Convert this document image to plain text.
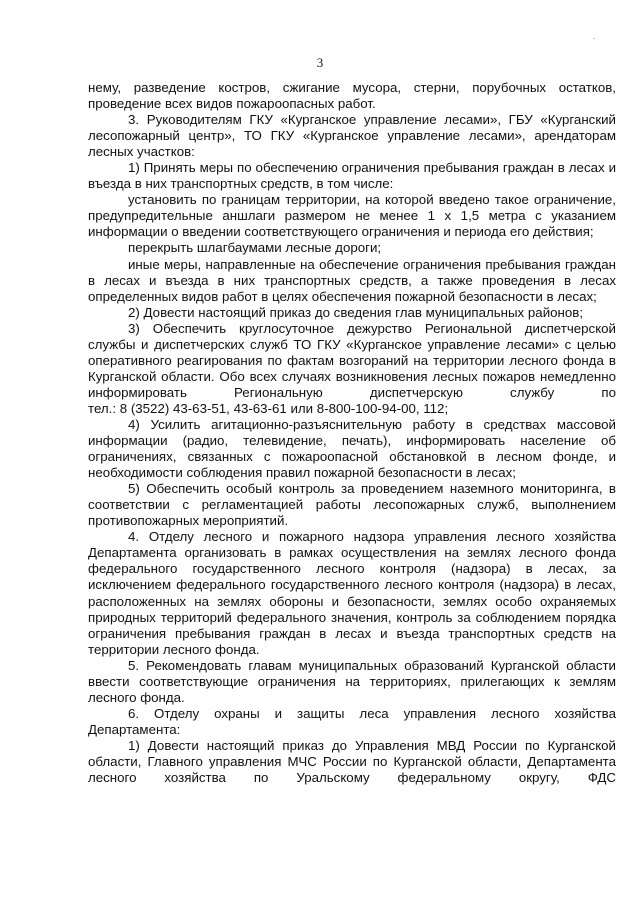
.
3

нему, разведение костров, сжигание мусора, стерни, порубочных остатков, проведение всех видов пожароопасных работ.

3. Руководителям ГКУ «Курганское управление лесами», ГБУ «Курганский лесопожарный центр», ТО ГКУ «Курганское управление лесами», арендаторам лесных участков:

1) Принять меры по обеспечению ограничения пребывания граждан в лесах и въезда в них транспортных средств, в том числе:

установить по границам территории, на которой введено такое ограничение, предупредительные аншлаги размером не менее 1 х 1,5 метра с указанием информации о введении соответствующего ограничения и периода его действия;

перекрыть шлагбаумами лесные дороги;

иные меры, направленные на обеспечение ограничения пребывания граждан в лесах и въезда в них транспортных средств, а также проведения в лесах определенных видов работ в целях обеспечения пожарной безопасности в лесах;

2) Довести настоящий приказ до сведения глав муниципальных районов;

3) Обеспечить круглосуточное дежурство Региональной диспетчерской службы и диспетчерских служб ТО ГКУ «Курганское управление лесами» с целью оперативного реагирования по фактам возгораний на территории лесного фонда в Курганской области. Обо всех случаях возникновения лесных пожаров немедленно информировать Региональную диспетчерскую службу по

тел.: 8 (3522) 43-63-51, 43-63-61 или 8-800-100-94-00, 112;

4) Усилить агитационно-разъяснительную работу в средствах массовой информации (радио, телевидение, печать), информировать население об ограничениях, связанных с пожароопасной обстановкой в лесном фонде, и необходимости соблюдения правил пожарной безопасности в лесах;

5) Обеспечить особый контроль за проведением наземного мониторинга, в соответствии с регламентацией работы лесопожарных служб, выполнением противопожарных мероприятий.

4. Отделу лесного и пожарного надзора управления лесного хозяйства Департамента организовать в рамках осуществления на землях лесного фонда федерального государственного лесного контроля (надзора) в лесах, за исключением федерального государственного лесного контроля (надзора) в лесах, расположенных на землях обороны и безопасности, землях особо охраняемых природных территорий федерального значения, контроль за соблюдением порядка ограничения пребывания граждан в лесах и въезда транспортных средств на территории лесного фонда.

5. Рекомендовать главам муниципальных образований Курганской области ввести соответствующие ограничения на территориях, прилегающих к землям лесного фонда.

6. Отделу охраны и защиты леса управления лесного хозяйства Департамента:

1) Довести настоящий приказ до Управления МВД России по Курганской области, Главного управления МЧС России по Курганской области, Департамента лесного хозяйства по Уральскому федеральному округу, ФДС
